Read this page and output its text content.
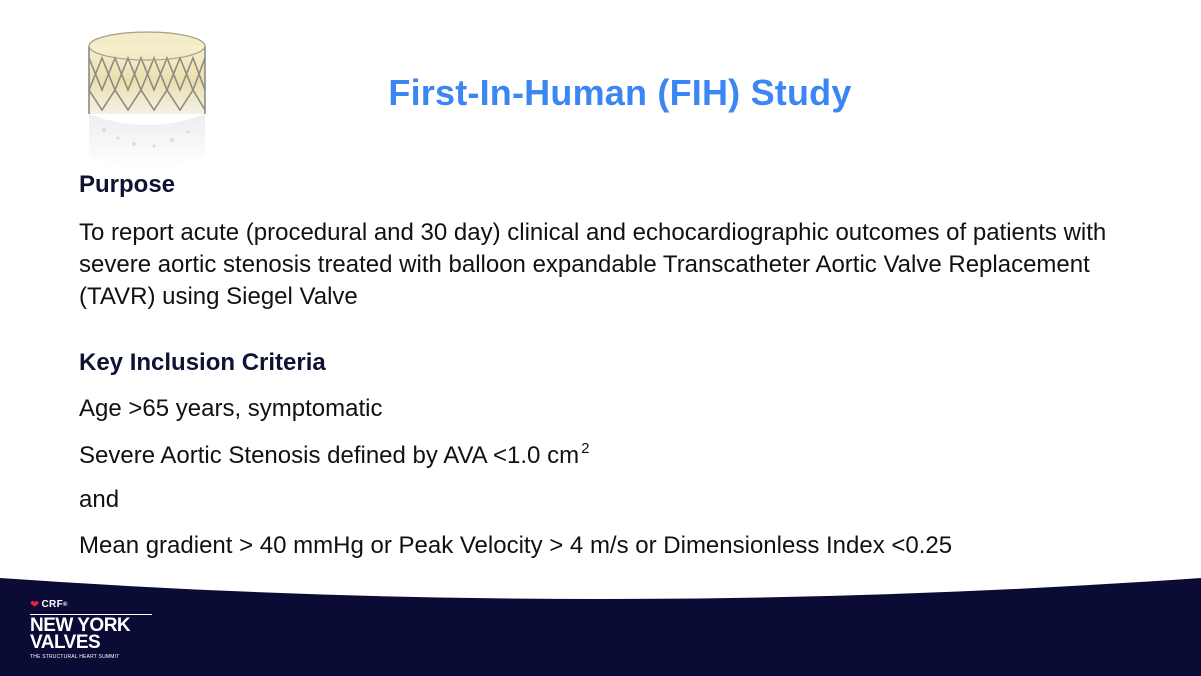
First-In-Human (FIH) Study
Purpose
To report acute (procedural and 30 day) clinical and echocardiographic outcomes of patients with severe aortic stenosis treated with balloon expandable Transcatheter Aortic Valve Replacement (TAVR) using Siegel Valve
Key Inclusion Criteria
Age >65 years, symptomatic
Severe Aortic Stenosis defined by AVA <1.0 cm $^2$
and
Mean gradient > 40 mmHg or Peak Velocity > 4 m/s or Dimensionless Index <0.25
❤ CRF ®
NEW YORK
VALVES
THE STRUCTURAL HEART SUMMIT
